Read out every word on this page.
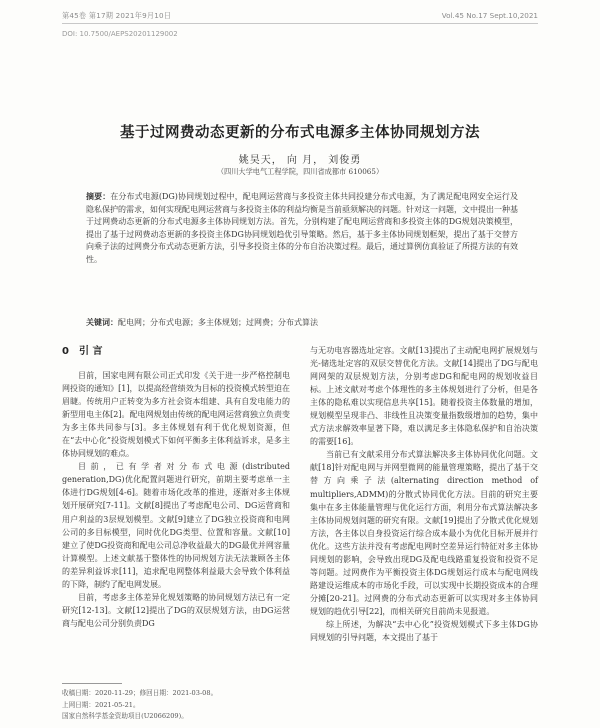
第45卷 第17期 2021年9月10日	Vol.45 No.17 Sept.10,2021
DOI: 10.7500/AEPS20201129002
基于过网费动态更新的分布式电源多主体协同规划方法
姚昊天， 向 月， 刘俊勇
（四川大学电气工程学院，四川省成都市 610065）

摘要：在分布式电源(DG)协同规划过程中，配电网运营商与多投资主体共同投建分布式电源，为了满足配电网安全运行及隐私保护的需求，如何实现配电网运营商与多投资主体的利益均衡是当前亟须解决的问题。针对这一问题，文中提出一种基于过网费动态更新的分布式电源多主体协同规划方法。首先，分别构建了配电网运营商和多投资主体的DG规划决策模型，提出了基于过网费动态更新的多投资主体DG协同规划趋优引导策略。然后，基于多主体协同规划框架，提出了基于交替方向乘子法的过网费分布式动态更新方法，引导多投资主体的分布自治决策过程。最后，通过算例仿真验证了所提方法的有效性。

关键词：配电网；分布式电源；多主体规划；过网费；分布式算法

0 引 言

目前，国家电网有限公司正式印发《关于进一步严格控制电网投资的通知》[1]，以提高经营绩效为目标的投资模式转型迫在眉睫。传统用户正转变为多方社会资本组建、具有自发电能力的新型用电主体[2]。配电网规划由传统的配电网运营商独立负责变为多主体共同参与[3]。多主体规划有利于优化规划资源，但在“去中心化”投资规划模式下如何平衡多主体利益诉求，是多主体协同规划的难点。

目前，已有学者对分布式电源(distributed generation,DG)优化配置问题进行研究，前期主要考虑单一主体进行DG规划[4-6]。随着市场化改革的推进，逐渐对多主体规划开展研究[7-11]。文献[8]提出了考虑配电公司、DG运营商和用户利益的3层规划模型。文献[9]建立了DG独立投资商和电网公司的多目标模型，同时优化DG类型、位置和容量。文献[10]建立了使DG投资商和配电公司总净收益最大的DG最优并网容量计算模型。上述文献基于整体性的协同规划方法无法兼顾各主体的差异利益诉求[11]，追求配电网整体利益最大会导致个体利益的下降，制约了配电网发展。

目前，考虑多主体差异化规划策略的协同规划方法已有一定研究[12-13]。文献[12]提出了DG的双层规划方法，由DG运营商与配电公司分别负责DG

与无功电容器选址定容。文献[13]提出了主动配电网扩展规划与光-储选址定容的双层交替优化方法。文献[14]提出了DG与配电网网架的双层规划方法，分别考虑DG和配电网的规划收益目标。上述文献对考虑个体理性的多主体规划进行了分析，但是各主体的隐私难以实现信息共享[15]。随着投资主体数量的增加，规划模型呈现非凸、非线性且决策变量指数级增加的趋势，集中式方法求解效率显著下降，难以满足多主体隐私保护和自治决策的需要[16]。

当前已有文献采用分布式算法解决多主体协同优化问题。文献[18]针对配电网与并网型微网的能量管理策略，提出了基于交替方向乘子法(alternating direction method of multipliers,ADMM)的分散式协同优化方法。目前的研究主要集中在多主体能量管理与优化运行方面，利用分布式算法解决多主体协同规划问题的研究有限。文献[19]提出了分散式优化规划方法，各主体以自身投资运行综合成本最小为优化目标开展并行优化。这些方法并没有考虑配电网时空差异运行特征对多主体协同规划的影响，会导致出现DG及配电线路重复投资和投资不足等问题。过网费作为平衡投资主体DG规划运行成本与配电网线路建设运维成本的市场化手段，可以实现中长期投资成本的合理分摊[20-21]。过网费的分布式动态更新可以实现对多主体协同规划的趋优引导[22]，而相关研究目前尚未见报道。

综上所述，为解决“去中心化”投资规划模式下多主体DG协同规划的引导问题，本文提出了基于

收稿日期：2020-11-29；修回日期：2021-03-08。
上网日期：2021-05-21。
国家自然科学基金资助项目(U2066209)。
